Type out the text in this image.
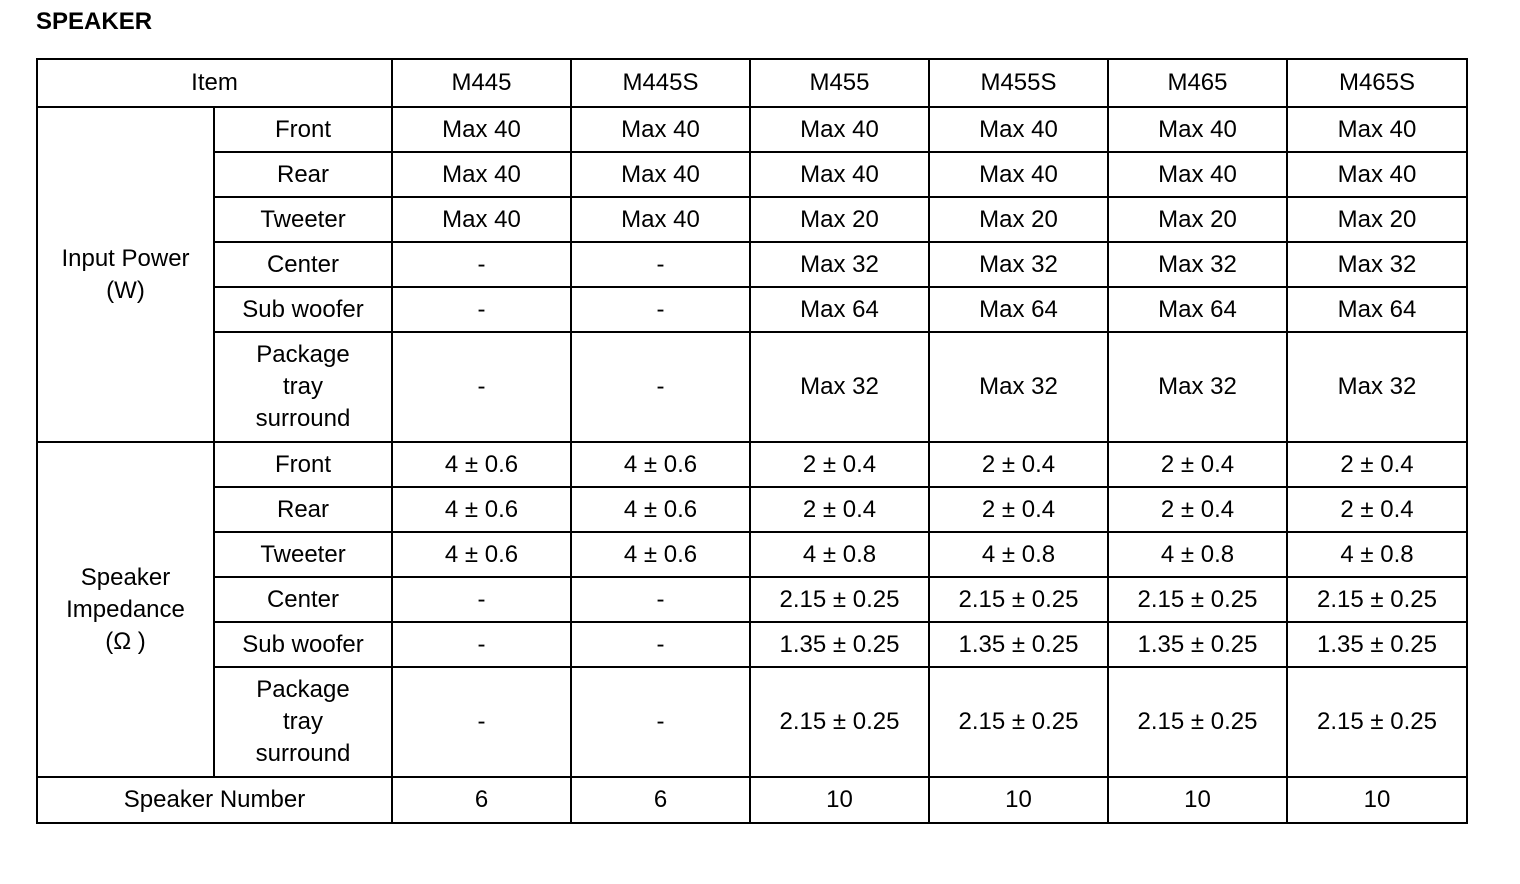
SPEAKER
Item		M445	M445S	M455	M455S	M465	M465S
Input Power
(W)	Front	Max 40	Max 40	Max 40	Max 40	Max 40	Max 40
	Rear	Max 40	Max 40	Max 40	Max 40	Max 40	Max 40
	Tweeter	Max 40	Max 40	Max 20	Max 20	Max 20	Max 20
	Center	-	-	Max 32	Max 32	Max 32	Max 32
	Sub woofer	-	-	Max 64	Max 64	Max 64	Max 64
	Package
tray
surround	-	-	Max 32	Max 32	Max 32	Max 32
Speaker
Impedance
(Ω )	Front	4 ± 0.6	4 ± 0.6	2 ± 0.4	2 ± 0.4	2 ± 0.4	2 ± 0.4
	Rear	4 ± 0.6	4 ± 0.6	2 ± 0.4	2 ± 0.4	2 ± 0.4	2 ± 0.4
	Tweeter	4 ± 0.6	4 ± 0.6	4 ± 0.8	4 ± 0.8	4 ± 0.8	4 ± 0.8
	Center	-	-	2.15 ± 0.25	2.15 ± 0.25	2.15 ± 0.25	2.15 ± 0.25
	Sub woofer	-	-	1.35 ± 0.25	1.35 ± 0.25	1.35 ± 0.25	1.35 ± 0.25
	Package
tray
surround	-	-	2.15 ± 0.25	2.15 ± 0.25	2.15 ± 0.25	2.15 ± 0.25
Speaker Number		6	6	10	10	10	10
